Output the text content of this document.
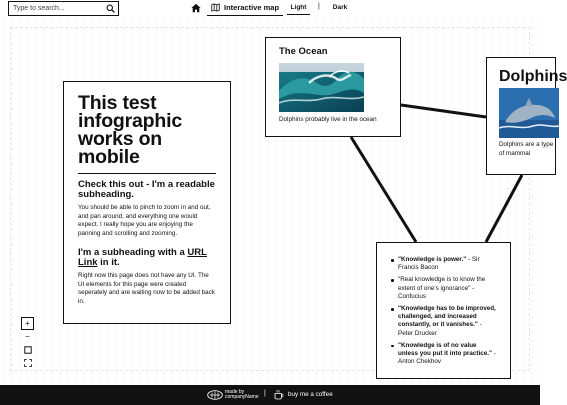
Type to search...
Interactive map	Light	|	Dark
This test infographic works on mobile
Check this out - I'm a readable subheading.

You should be able to pinch to zoom in and out, and pan around, and everything one would expect. I really hope you are enjoying the panning and scrolling and zooming.

I'm a subheading with a URL Link in it.

Right now this page does not have any UI. The UI elements for this page were created seperately and are waiting now to be added back in.

The Ocean
Dolphins probably live in the ocean
Dolphins
Dolphins are a type of mammal
"Knowledge is power." - Sir Francis Bacon
"Real knowledge is to know the extent of one's ignorance" - Confucius
"Knowledge has to be improved, challenged, and increased constantly, or it vanishes." - Peter Drucker
"Knowledge is of no value unless you put it into practice." - Anton Chekhov
+
−
made by
companyName |	buy me a coffee
